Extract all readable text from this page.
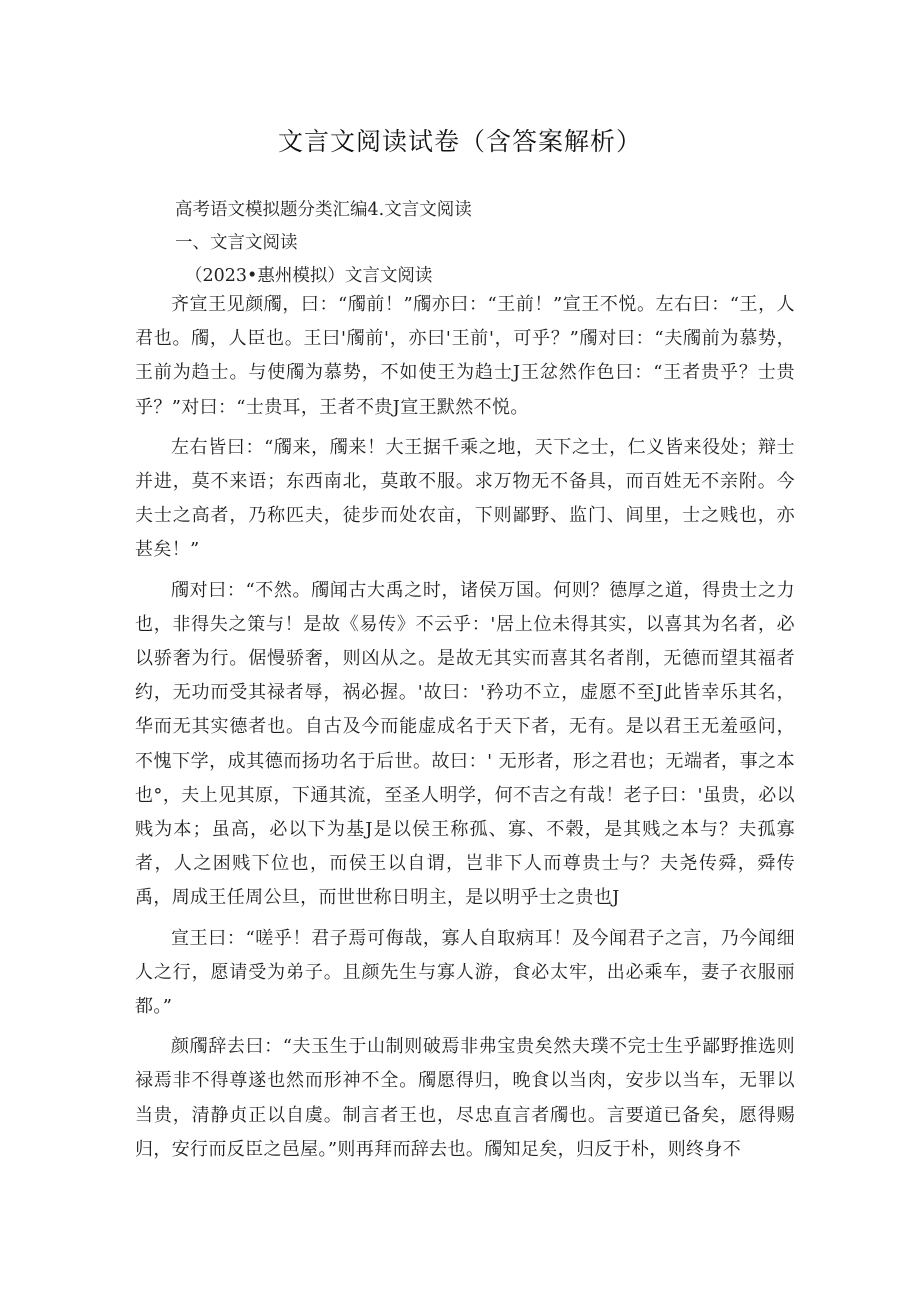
文言文阅读试卷（含答案解析）

高考语文模拟题分类汇编4.文言文阅读

一、文言文阅读

（2023•惠州模拟）文言文阅读

齐宣王见颜斶，曰：“斶前！”斶亦曰：“王前！”宣王不悦。左右曰：“王，人君也。斶，人臣也。王曰'斶前'，亦曰'王前'，可乎？”斶对曰：“夫斶前为慕势，王前为趋士。与使斶为慕势，不如使王为趋士J王忿然作色曰：“王者贵乎？士贵乎？”对曰：“士贵耳，王者不贵J宣王默然不悦。

左右皆曰：“斶来，斶来！大王据千乘之地，天下之士，仁义皆来役处；辩士并进，莫不来语；东西南北，莫敢不服。求万物无不备具，而百姓无不亲附。今夫士之高者，乃称匹夫，徒步而处农亩，下则鄙野、监门、闾里，士之贱也，亦甚矣！”

斶对曰：“不然。斶闻古大禹之时，诸侯万国。何则？德厚之道，得贵士之力也，非得失之策与！是故《易传》不云乎：'居上位未得其实，以喜其为名者，必以骄奢为行。倨慢骄奢，则凶从之。是故无其实而喜其名者削，无德而望其福者约，无功而受其禄者辱，祸必握。'故曰：'矜功不立，虚愿不至J此皆幸乐其名，华而无其实德者也。自古及今而能虚成名于天下者，无有。是以君王无羞亟问，不愧下学，成其德而扬功名于后世。故曰：' 无形者，形之君也；无端者，事之本也°，夫上见其原，下通其流，至圣人明学，何不吉之有哉！老子曰：'虽贵，必以贱为本；虽高，必以下为基J是以侯王称孤、寡、不榖，是其贱之本与？夫孤寡者，人之困贱下位也，而侯王以自谓，岂非下人而尊贵士与？夫尧传舜，舜传禹，周成王任周公旦，而世世称日明主，是以明乎士之贵也J

宣王曰：“嗟乎！君子焉可侮哉，寡人自取病耳！及今闻君子之言，乃今闻细人之行，愿请受为弟子。且颜先生与寡人游，食必太牢，出必乘车，妻子衣服丽都。”

颜斶辞去曰：“夫玉生于山制则破焉非弗宝贵矣然夫璞不完士生乎鄙野推选则禄焉非不得尊遂也然而形神不全。斶愿得归，晚食以当肉，安步以当车，无罪以当贵，清静贞正以自虞。制言者王也，尽忠直言者斶也。言要道已备矣，愿得赐归，安行而反臣之邑屋。”则再拜而辞去也。斶知足矣，归反于朴，则终身不
